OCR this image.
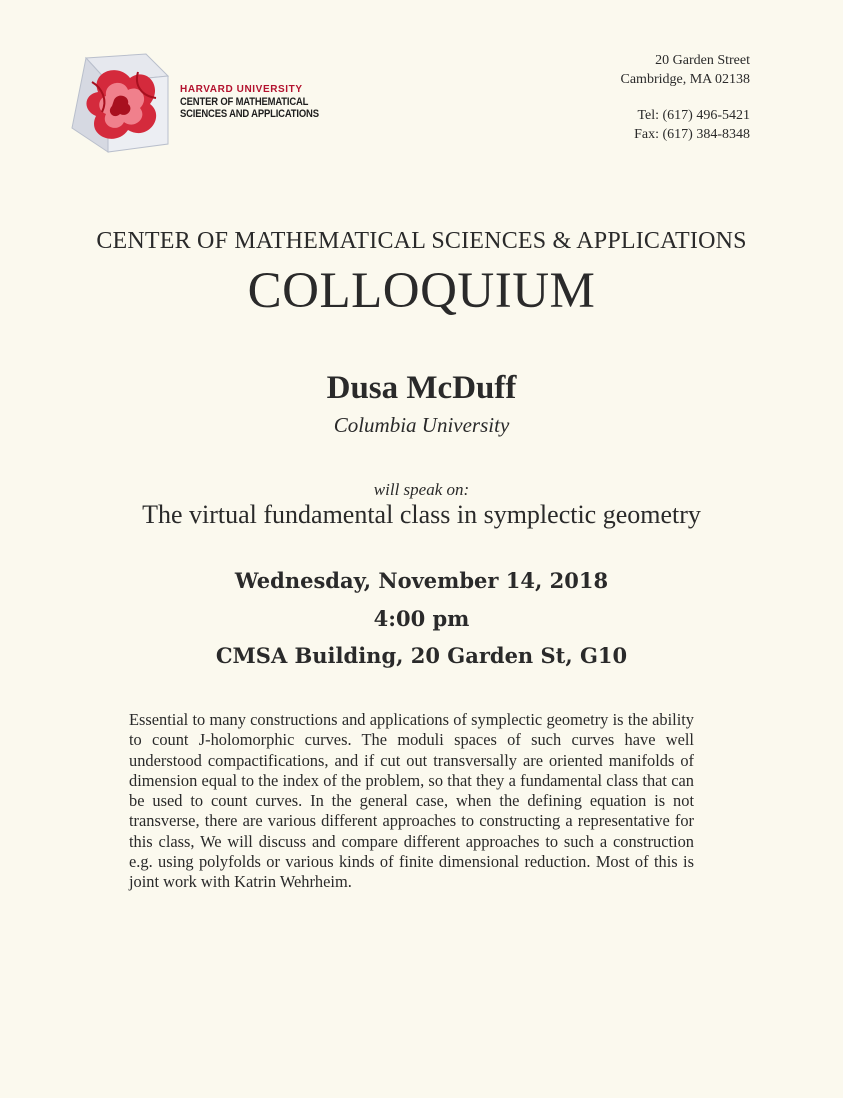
HARVARD UNIVERSITY
CENTER OF MATHEMATICAL
SCIENCES AND APPLICATIONS
20 Garden Street
Cambridge, MA 02138
Tel: (617) 496-5421
Fax: (617) 384-8348
CENTER OF MATHEMATICAL SCIENCES & APPLICATIONS
COLLOQUIUM
Dusa McDuff
Columbia University
will speak on:
The virtual fundamental class in symplectic geometry
Wednesday, November 14, 2018
4:00 pm
CMSA Building, 20 Garden St, G10
Essential to many constructions and applications of symplectic geometry is the ability to count J-holomorphic curves. The moduli spaces of such curves have well understood compactifications, and if cut out transversally are oriented manifolds of dimension equal to the index of the problem, so that they a fundamental class that can be used to count curves. In the general case, when the defining equation is not transverse, there are various different approaches to constructing a representative for this class, We will discuss and compare different approaches to such a construction e.g. using polyfolds or various kinds of finite dimensional reduction. Most of this is joint work with Katrin Wehrheim.
